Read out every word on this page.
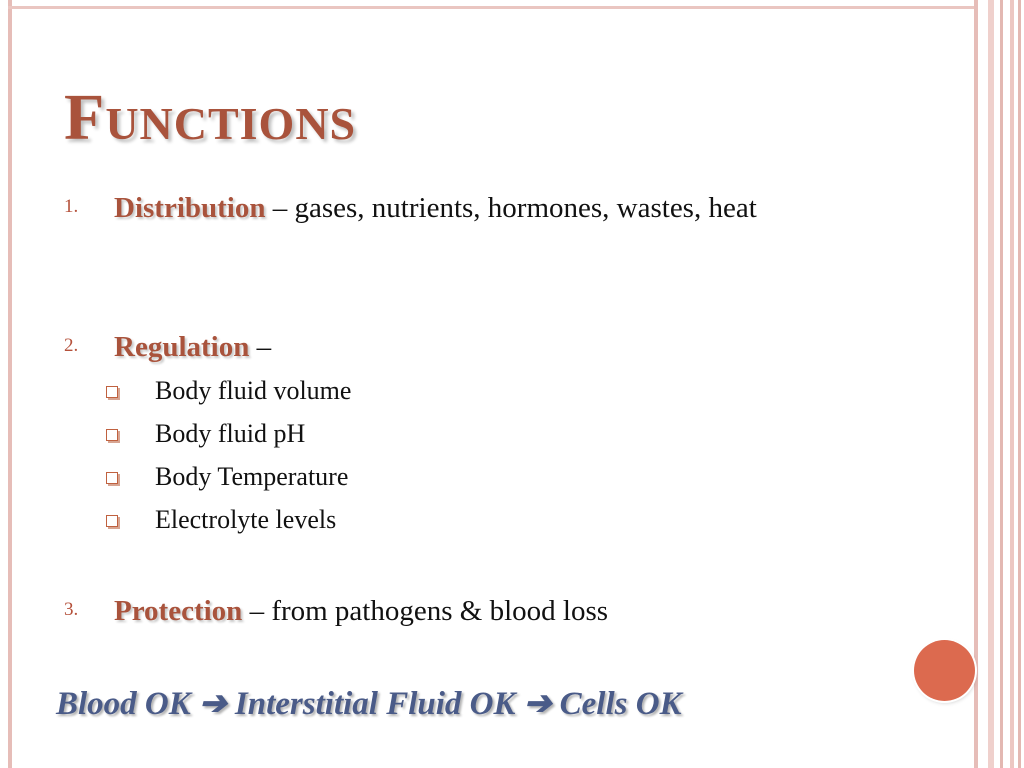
Functions
1. Distribution – gases, nutrients, hormones, wastes, heat
2. Regulation –
Body fluid volume
Body fluid pH
Body Temperature
Electrolyte levels
3. Protection – from pathogens & blood loss
Blood OK ➔ Interstitial Fluid OK ➔ Cells OK
